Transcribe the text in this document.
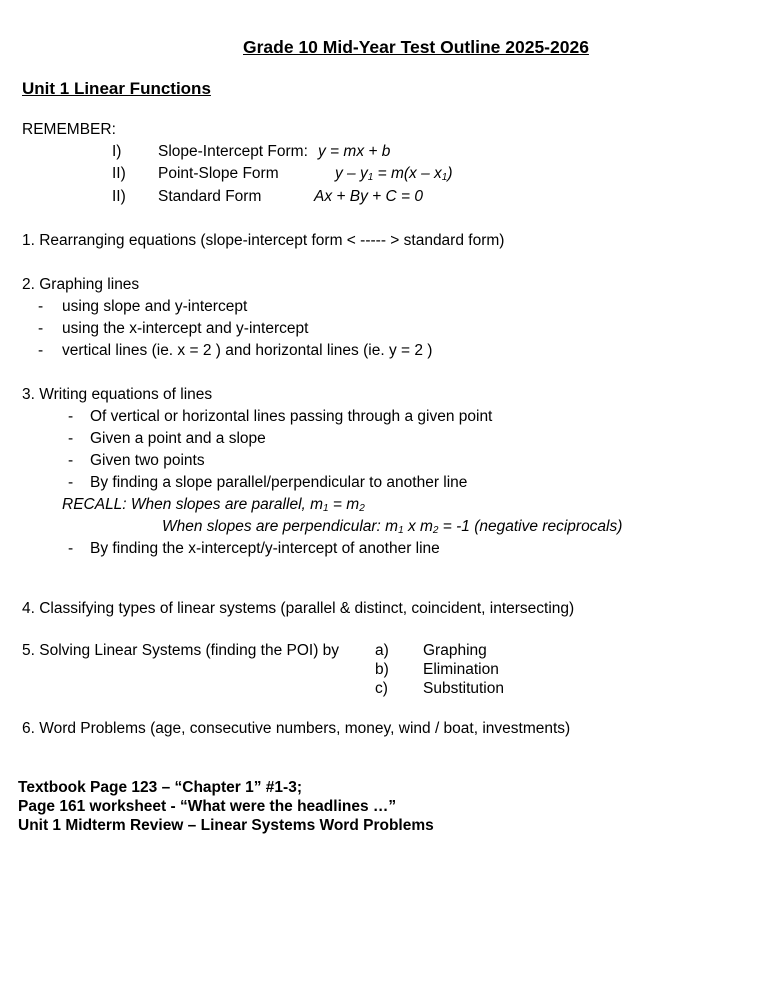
Grade 10 Mid-Year Test Outline 2025-2026
Unit 1 Linear Functions
REMEMBER:
I) Slope-Intercept Form: y = mx + b
II) Point-Slope Form	$y - y_1 = m(x - x_1)$
II) Standard Form	Ax + By + C = 0
1. Rearranging equations (slope-intercept form < ----- > standard form)
2. Graphing lines
- using slope and y-intercept
- using the x-intercept and y-intercept
- vertical lines (ie. x = 2 ) and horizontal lines (ie. y = 2 )
3. Writing equations of lines
- Of vertical or horizontal lines passing through a given point
- Given a point and a slope
- Given two points
- By finding a slope parallel/perpendicular to another line
RECALL: When slopes are parallel, $m_1 = m_2$
When slopes are perpendicular: $m_1$ x $m_2 = -1$ (negative reciprocals)
- By finding the x-intercept/y-intercept of another line
4. Classifying types of linear systems (parallel & distinct, coincident, intersecting)
5. Solving Linear Systems (finding the POI) by a) Graphing
b) Elimination
c) Substitution
6. Word Problems (age, consecutive numbers, money, wind / boat, investments)
Textbook Page 123 – “Chapter 1” #1-3;
Page 161 worksheet - “What were the headlines …”
Unit 1 Midterm Review – Linear Systems Word Problems
